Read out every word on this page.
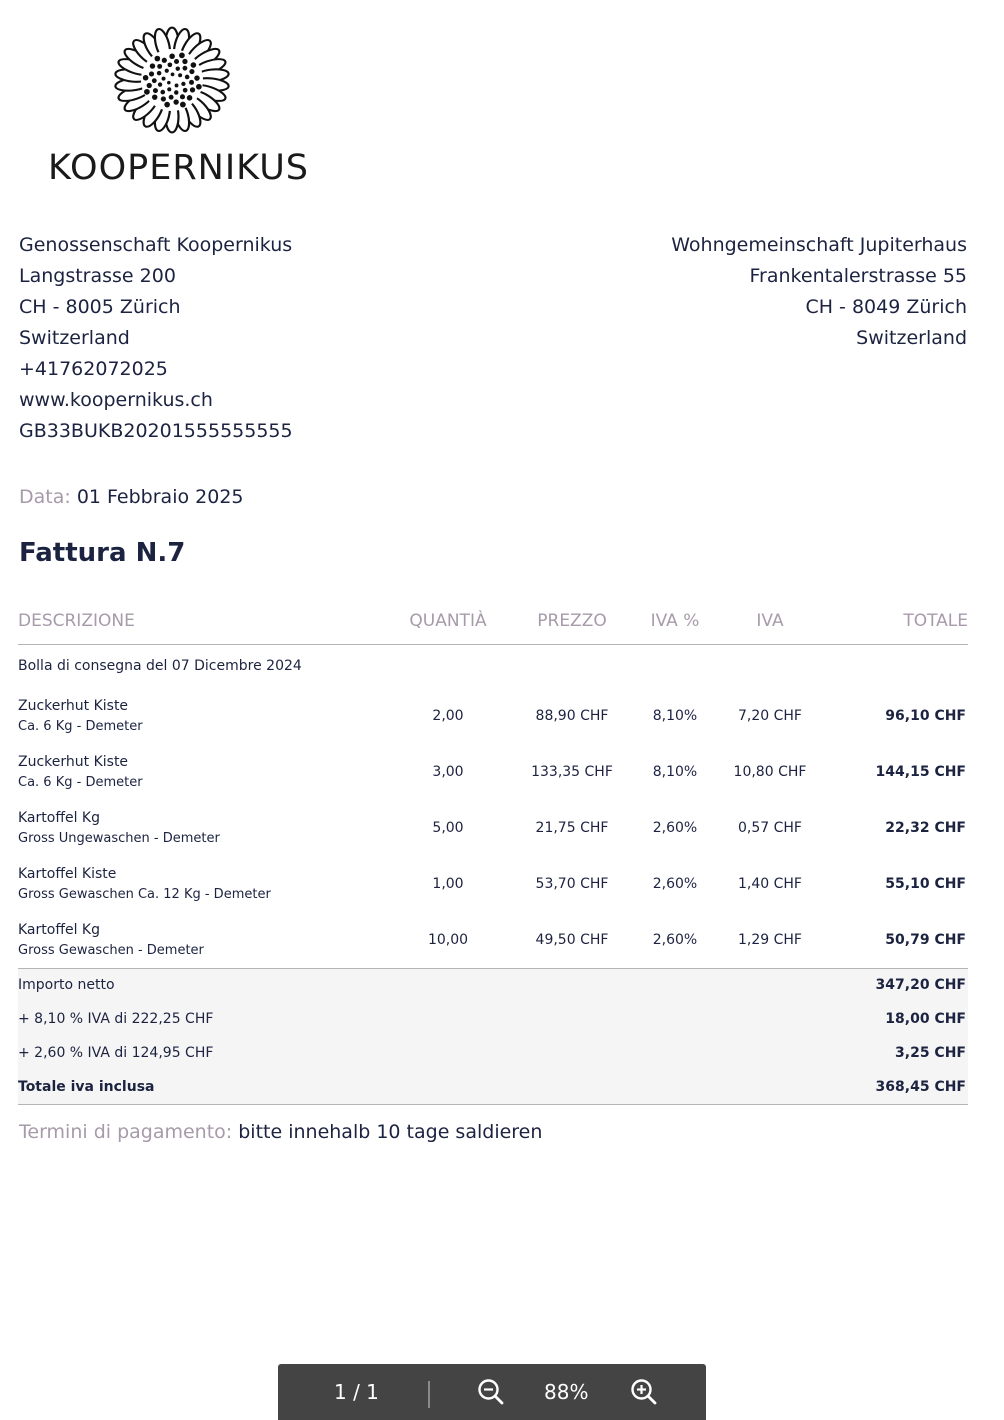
KOOPERNIKUS
Genossenschaft Koopernikus
Langstrasse 200
CH - 8005 Zürich
Switzerland
+41762072025
www.koopernikus.ch
GB33BUKB20201555555555
Wohngemeinschaft Jupiterhaus
Frankentalerstrasse 55
CH - 8049 Zürich
Switzerland
Data: 01 Febbraio 2025
Fattura N.7
DESCRIZIONE	QUANTIÀ	PREZZO	IVA %	IVA	TOTALE
Bolla di consegna del 07 Dicembre 2024					

Zuckerhut Kiste
Ca. 6 Kg - Demeter	2,00	88,90 CHF	8,10%	7,20 CHF	96,10 CHF

Zuckerhut Kiste
Ca. 6 Kg - Demeter	3,00	133,35 CHF	8,10%	10,80 CHF	144,15 CHF

Kartoffel Kg
Gross Ungewaschen - Demeter	5,00	21,75 CHF	2,60%	0,57 CHF	22,32 CHF

Kartoffel Kiste
Gross Gewaschen Ca. 12 Kg - Demeter	1,00	53,70 CHF	2,60%	1,40 CHF	55,10 CHF

Kartoffel Kg
Gross Gewaschen - Demeter	10,00	49,50 CHF	2,60%	1,29 CHF	50,79 CHF
Importo netto					347,20 CHF
+ 8,10 % IVA di 222,25 CHF					18,00 CHF
+ 2,60 % IVA di 124,95 CHF					3,25 CHF
Totale iva inclusa					368,45 CHF
Termini di pagamento: bitte innehalb 10 tage saldieren
1 / 1	88%
